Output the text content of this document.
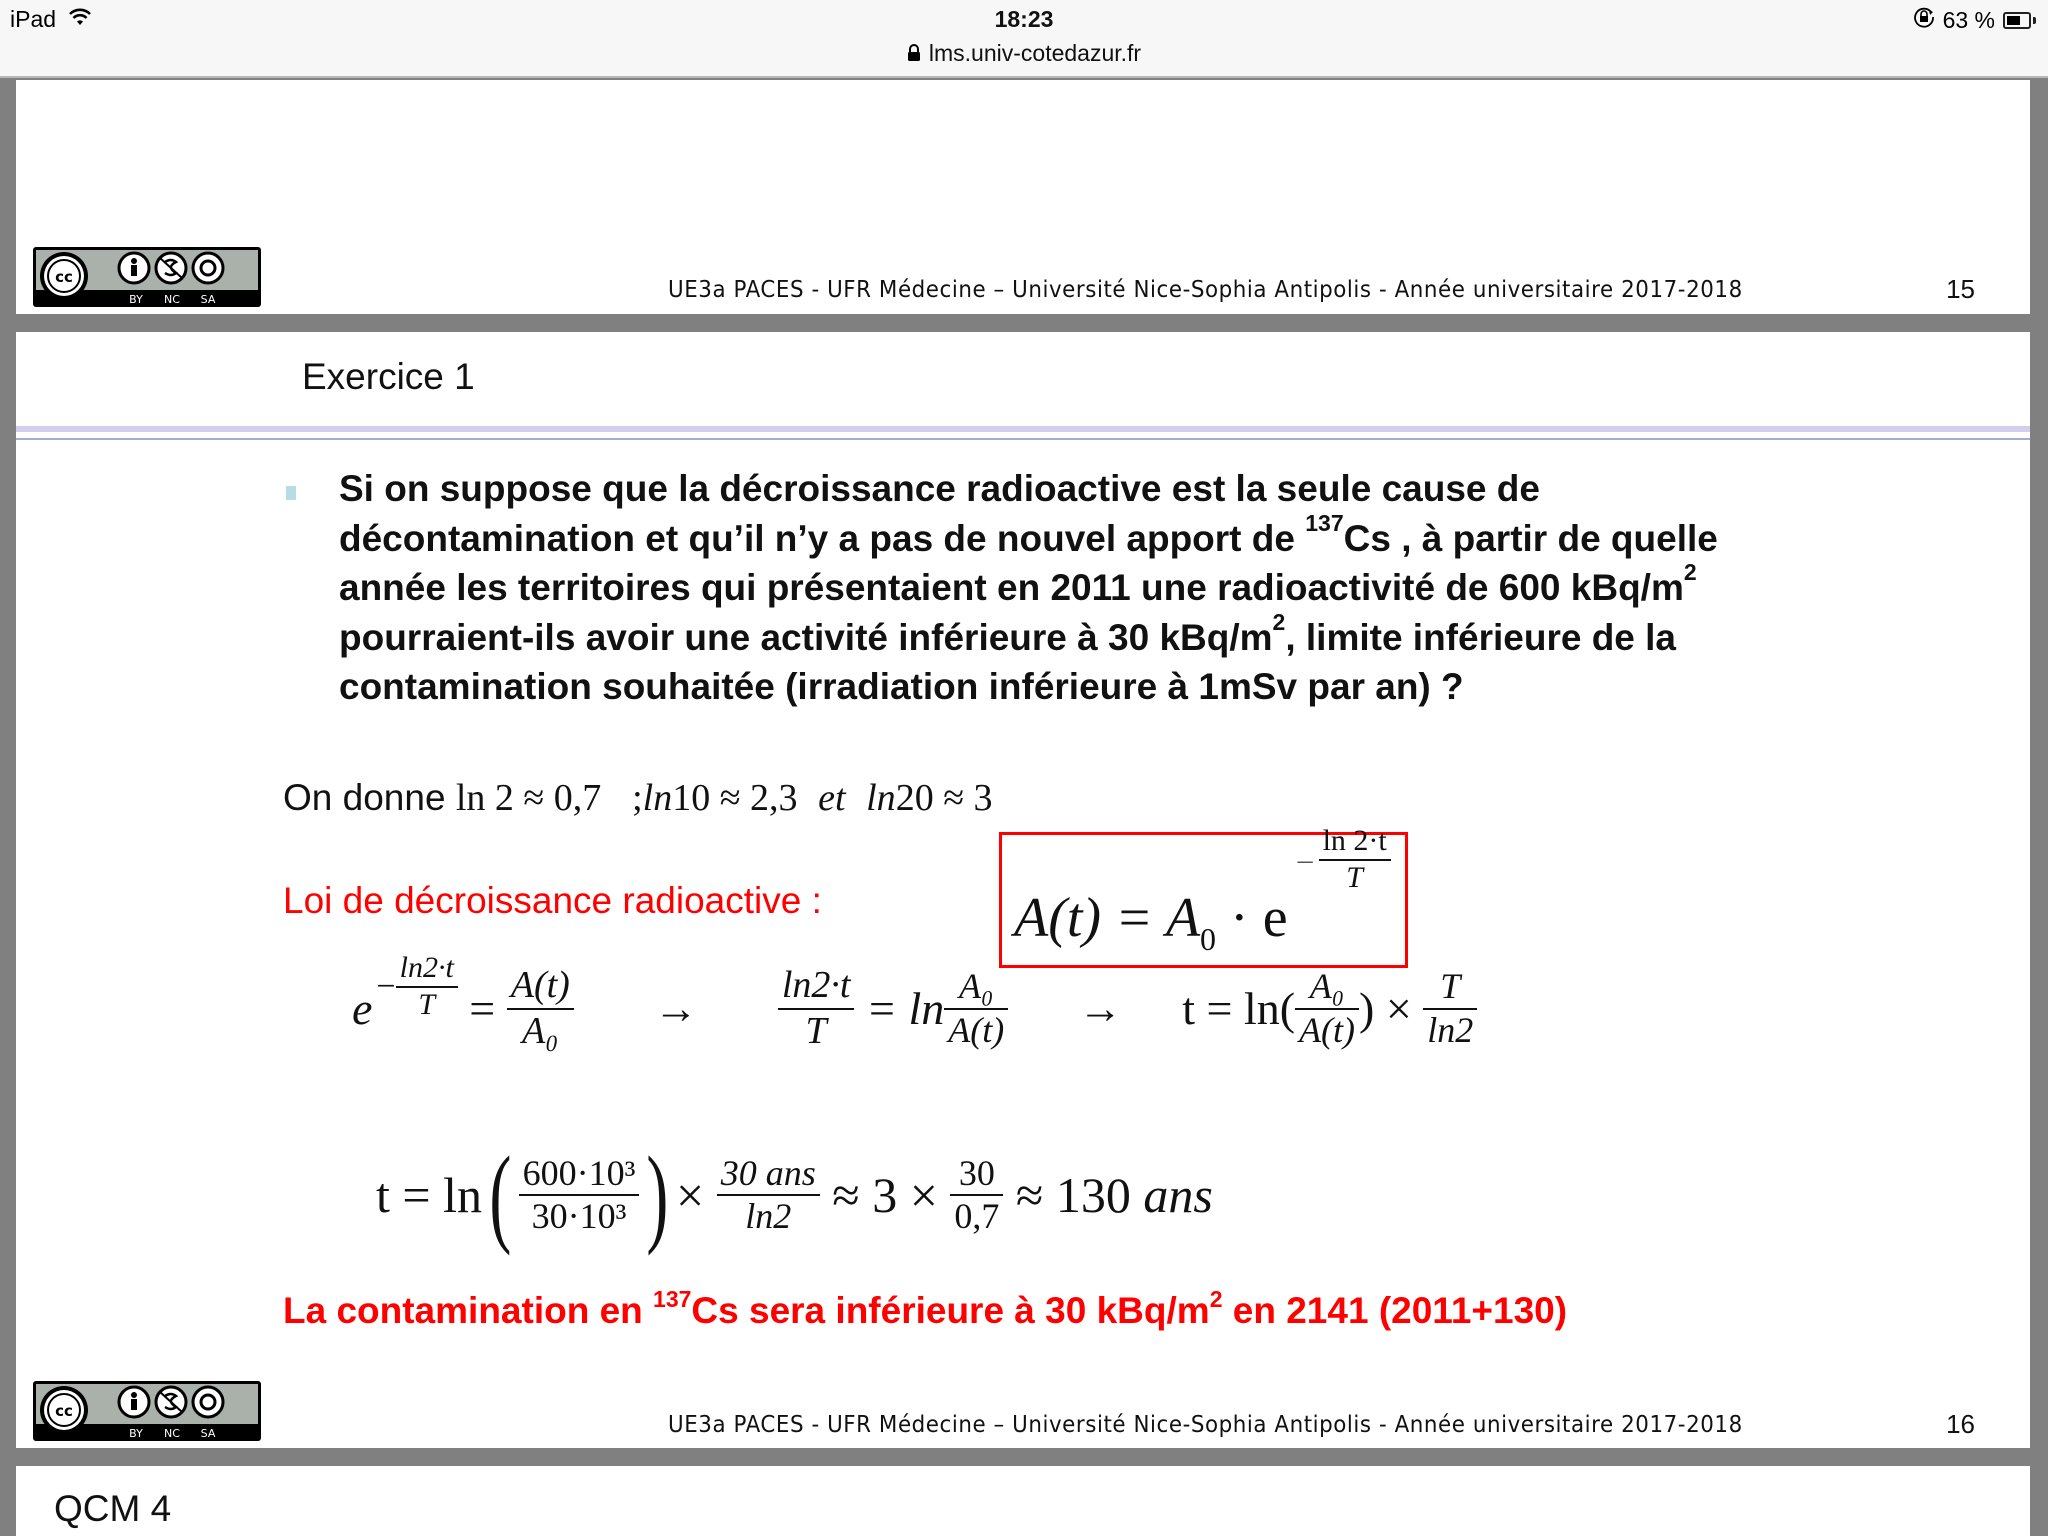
iPad	18:23
lms.univ-cotedazur.fr
63 %
cc
BY NC SA	UE3a PACES - UFR Médecine – Université Nice-Sophia Antipolis - Année universitaire 2017-2018	15
Exercice 1
Si on suppose que la décroissance radioactive est la seule cause de décontamination et qu’il n’y a pas de nouvel apport de $^{137}$Cs , à partir de quelle année les territoires qui présentaient en 2011 une radioactivité de 600 kBq/$m^2$ pourraient-ils avoir une activité inférieure à 30 kBq/$m^2$, limite inférieure de la contamination souhaitée (irradiation inférieure à 1mSv par an) ?
On donne ln 2 ≈ 0,7 ;ln10 ≈ 2,3 et ln20 ≈ 3
Loi de décroissance radioactive :	$A(t) = A_0 \cdot e$
– $\frac{\ln 2\cdot t}{T}$
$e - \frac{\ln 2\cdot t}{T}$
=
$\frac{A(t)}{\text{A₀}} \to \frac{\ln 2\cdot t}{T}$
= $\ln \frac{\text{A₀}}{A(t)} \to t = \ln( \frac{\text{A₀}}{A(t)}$ ) ×
$\frac{T}{\ln 2}$
t = ln ( $\frac{\text{600·10³}}{\text{30·10³}}$ ) ×
$\frac{\text{30 ans}}{\ln 2}$
≈ 3 ×
$\frac{30}{0,7}$
≈ 130
ans
La contamination en $^{137}$Cs sera inférieure à 30 kBq/$m^2$ en 2141 (2011+130)
cc
BY NC SA	UE3a PACES - UFR Médecine – Université Nice-Sophia Antipolis - Année universitaire 2017-2018	16
QCM 4
